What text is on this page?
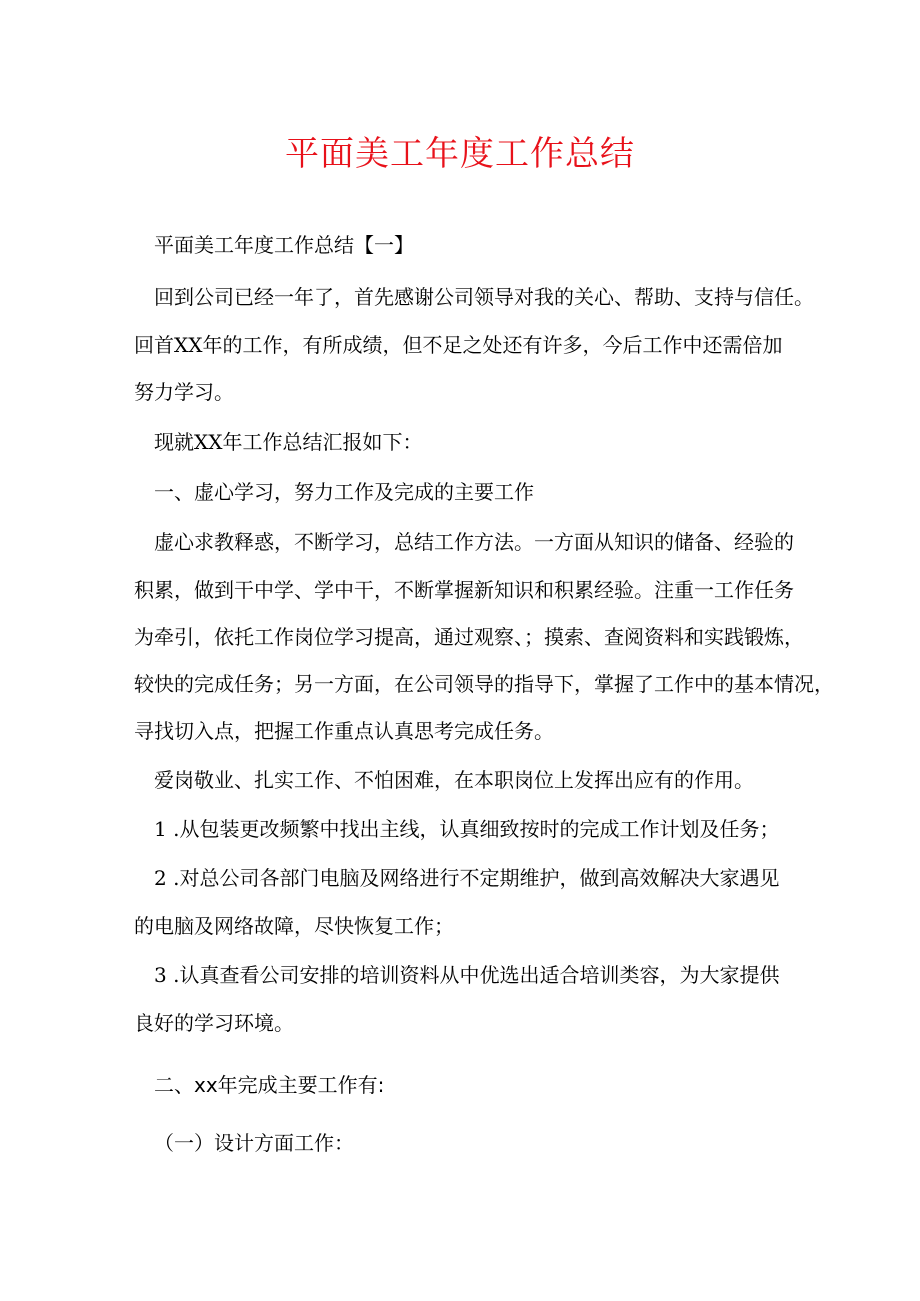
平面美工年度工作总结

平面美工年度工作总结【一】

回到公司已经一年了，首先感谢公司领导对我的关心、帮助、支持与信任。

回首XX年的工作，有所成绩，但不足之处还有许多，今后工作中还需倍加

努力学习。

现就XX年工作总结汇报如下：

一、虚心学习，努力工作及完成的主要工作

虚心求教释惑，不断学习，总结工作方法。一方面从知识的储备、经验的

积累，做到干中学、学中干，不断掌握新知识和积累经验。注重一工作任务

为牵引，依托工作岗位学习提高，通过观察、；摸索、查阅资料和实践锻炼，

较快的完成任务；另一方面，在公司领导的指导下，掌握了工作中的基本情况，

寻找切入点，把握工作重点认真思考完成任务。

爱岗敬业、扎实工作、不怕困难，在本职岗位上发挥出应有的作用。

1 .从包装更改频繁中找出主线，认真细致按时的完成工作计划及任务；

2 .对总公司各部门电脑及网络进行不定期维护，做到高效解决大家遇见

的电脑及网络故障，尽快恢复工作；

3 .认真查看公司安排的培训资料从中优选出适合培训类容，为大家提供

良好的学习环境。

二、xx年完成主要工作有:

（一）设计方面工作：
